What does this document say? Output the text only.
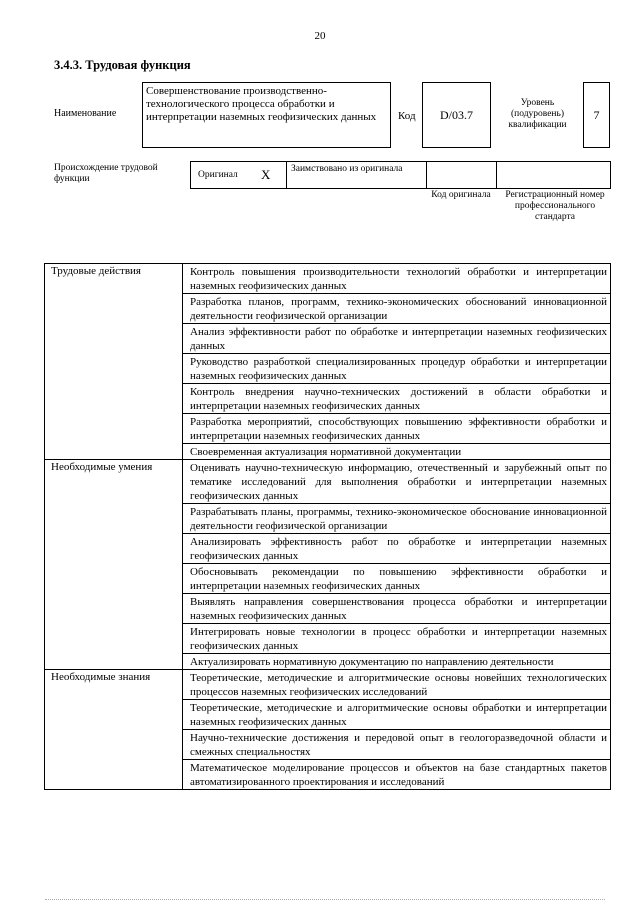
20
3.4.3. Трудовая функция
Наименование
Совершенствование производственно-технологического процесса обработки и интерпретации наземных геофизических данных	Код D/03.7
Уровень (подуровень) квалификации
7
Происхождение трудовой функции	Оригинал X Заимствовано из оригинала
Код оригинала	Регистрационный номер профессионального стандарта
Трудовые действия	Контроль повышения производительности технологий обработки и интерпретации наземных геофизических данных
	Разработка планов, программ, технико-экономических обоснований инновационной деятельности геофизической организации
	Анализ эффективности работ по обработке и интерпретации наземных геофизических данных
	Руководство разработкой специализированных процедур обработки и интерпретации наземных геофизических данных
	Контроль внедрения научно-технических достижений в области обработки и интерпретации наземных геофизических данных
	Разработка мероприятий, способствующих повышению эффективности обработки и интерпретации наземных геофизических данных
	Своевременная актуализация нормативной документации
Необходимые умения	Оценивать научно-техническую информацию, отечественный и зарубежный опыт по тематике исследований для выполнения обработки и интерпретации наземных геофизических данных
	Разрабатывать планы, программы, технико-экономическое обоснование инновационной деятельности геофизической организации
	Анализировать эффективность работ по обработке и интерпретации наземных геофизических данных
	Обосновывать рекомендации по повышению эффективности обработки и интерпретации наземных геофизических данных
	Выявлять направления совершенствования процесса обработки и интерпретации наземных геофизических данных
	Интегрировать новые технологии в процесс обработки и интерпретации наземных геофизических данных
	Актуализировать нормативную документацию по направлению деятельности
Необходимые знания	Теоретические, методические и алгоритмические основы новейших технологических процессов наземных геофизических исследований
	Теоретические, методические и алгоритмические основы обработки и интерпретации наземных геофизических данных
	Научно-технические достижения и передовой опыт в геологоразведочной области и смежных специальностях
	Математическое моделирование процессов и объектов на базе стандартных пакетов автоматизированного проектирования и исследований
